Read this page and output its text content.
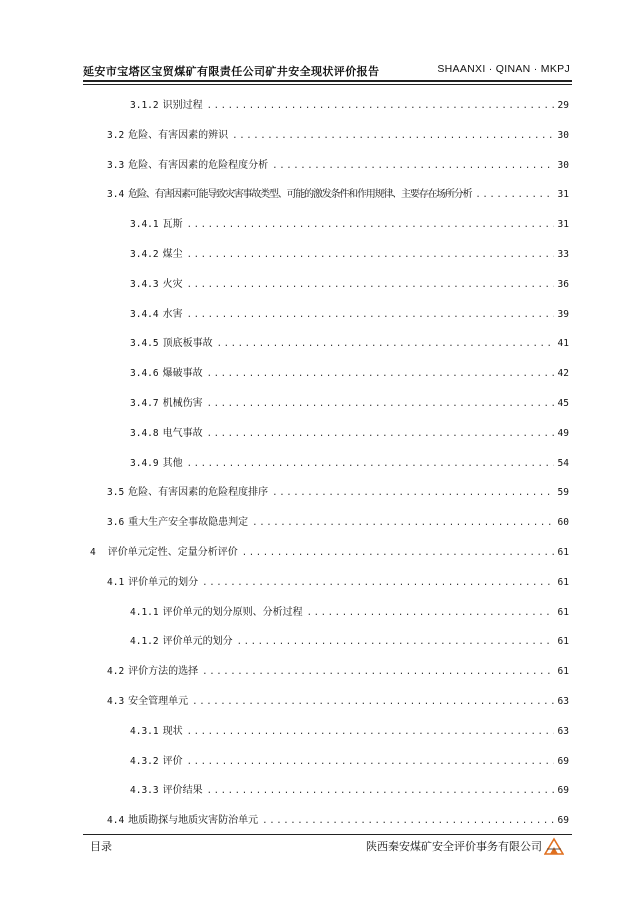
延安市宝塔区宝贸煤矿有限责任公司矿井安全现状评价报告	SHAANXI · QINAN · MKPJ
3.1.2 识别过程 .....	29
3.2 危险、有害因素的辨识 .....	30
3.3 危险、有害因素的危险程度分析 .....	30
3.4 危险、有害因素可能导致灾害事故类型、可能的激发条件和作用规律、主要存在场所分析 .....	31
3.4.1 瓦斯 .....	31
3.4.2 煤尘 .....	33
3.4.3 火灾 .....	36
3.4.4 水害 .....	39
3.4.5 顶底板事故 .....	41
3.4.6 爆破事故 .....	42
3.4.7 机械伤害 .....	45
3.4.8 电气事故 .....	49
3.4.9 其他 .....	54
3.5 危险、有害因素的危险程度排序 .....	59
3.6 重大生产安全事故隐患判定 .....	60
4 评价单元定性、定量分析评价 .....	61
4.1 评价单元的划分 .....	61
4.1.1 评价单元的划分原则、分析过程 .....	61
4.1.2 评价单元的划分 .....	61
4.2 评价方法的选择 .....	61
4.3 安全管理单元 .....	63
4.3.1 现状 .....	63
4.3.2 评价 .....	69
4.3.3 评价结果 .....	69
4.4 地质勘探与地质灾害防治单元 .....	69
目录	陕西秦安煤矿安全评价事务有限公司
